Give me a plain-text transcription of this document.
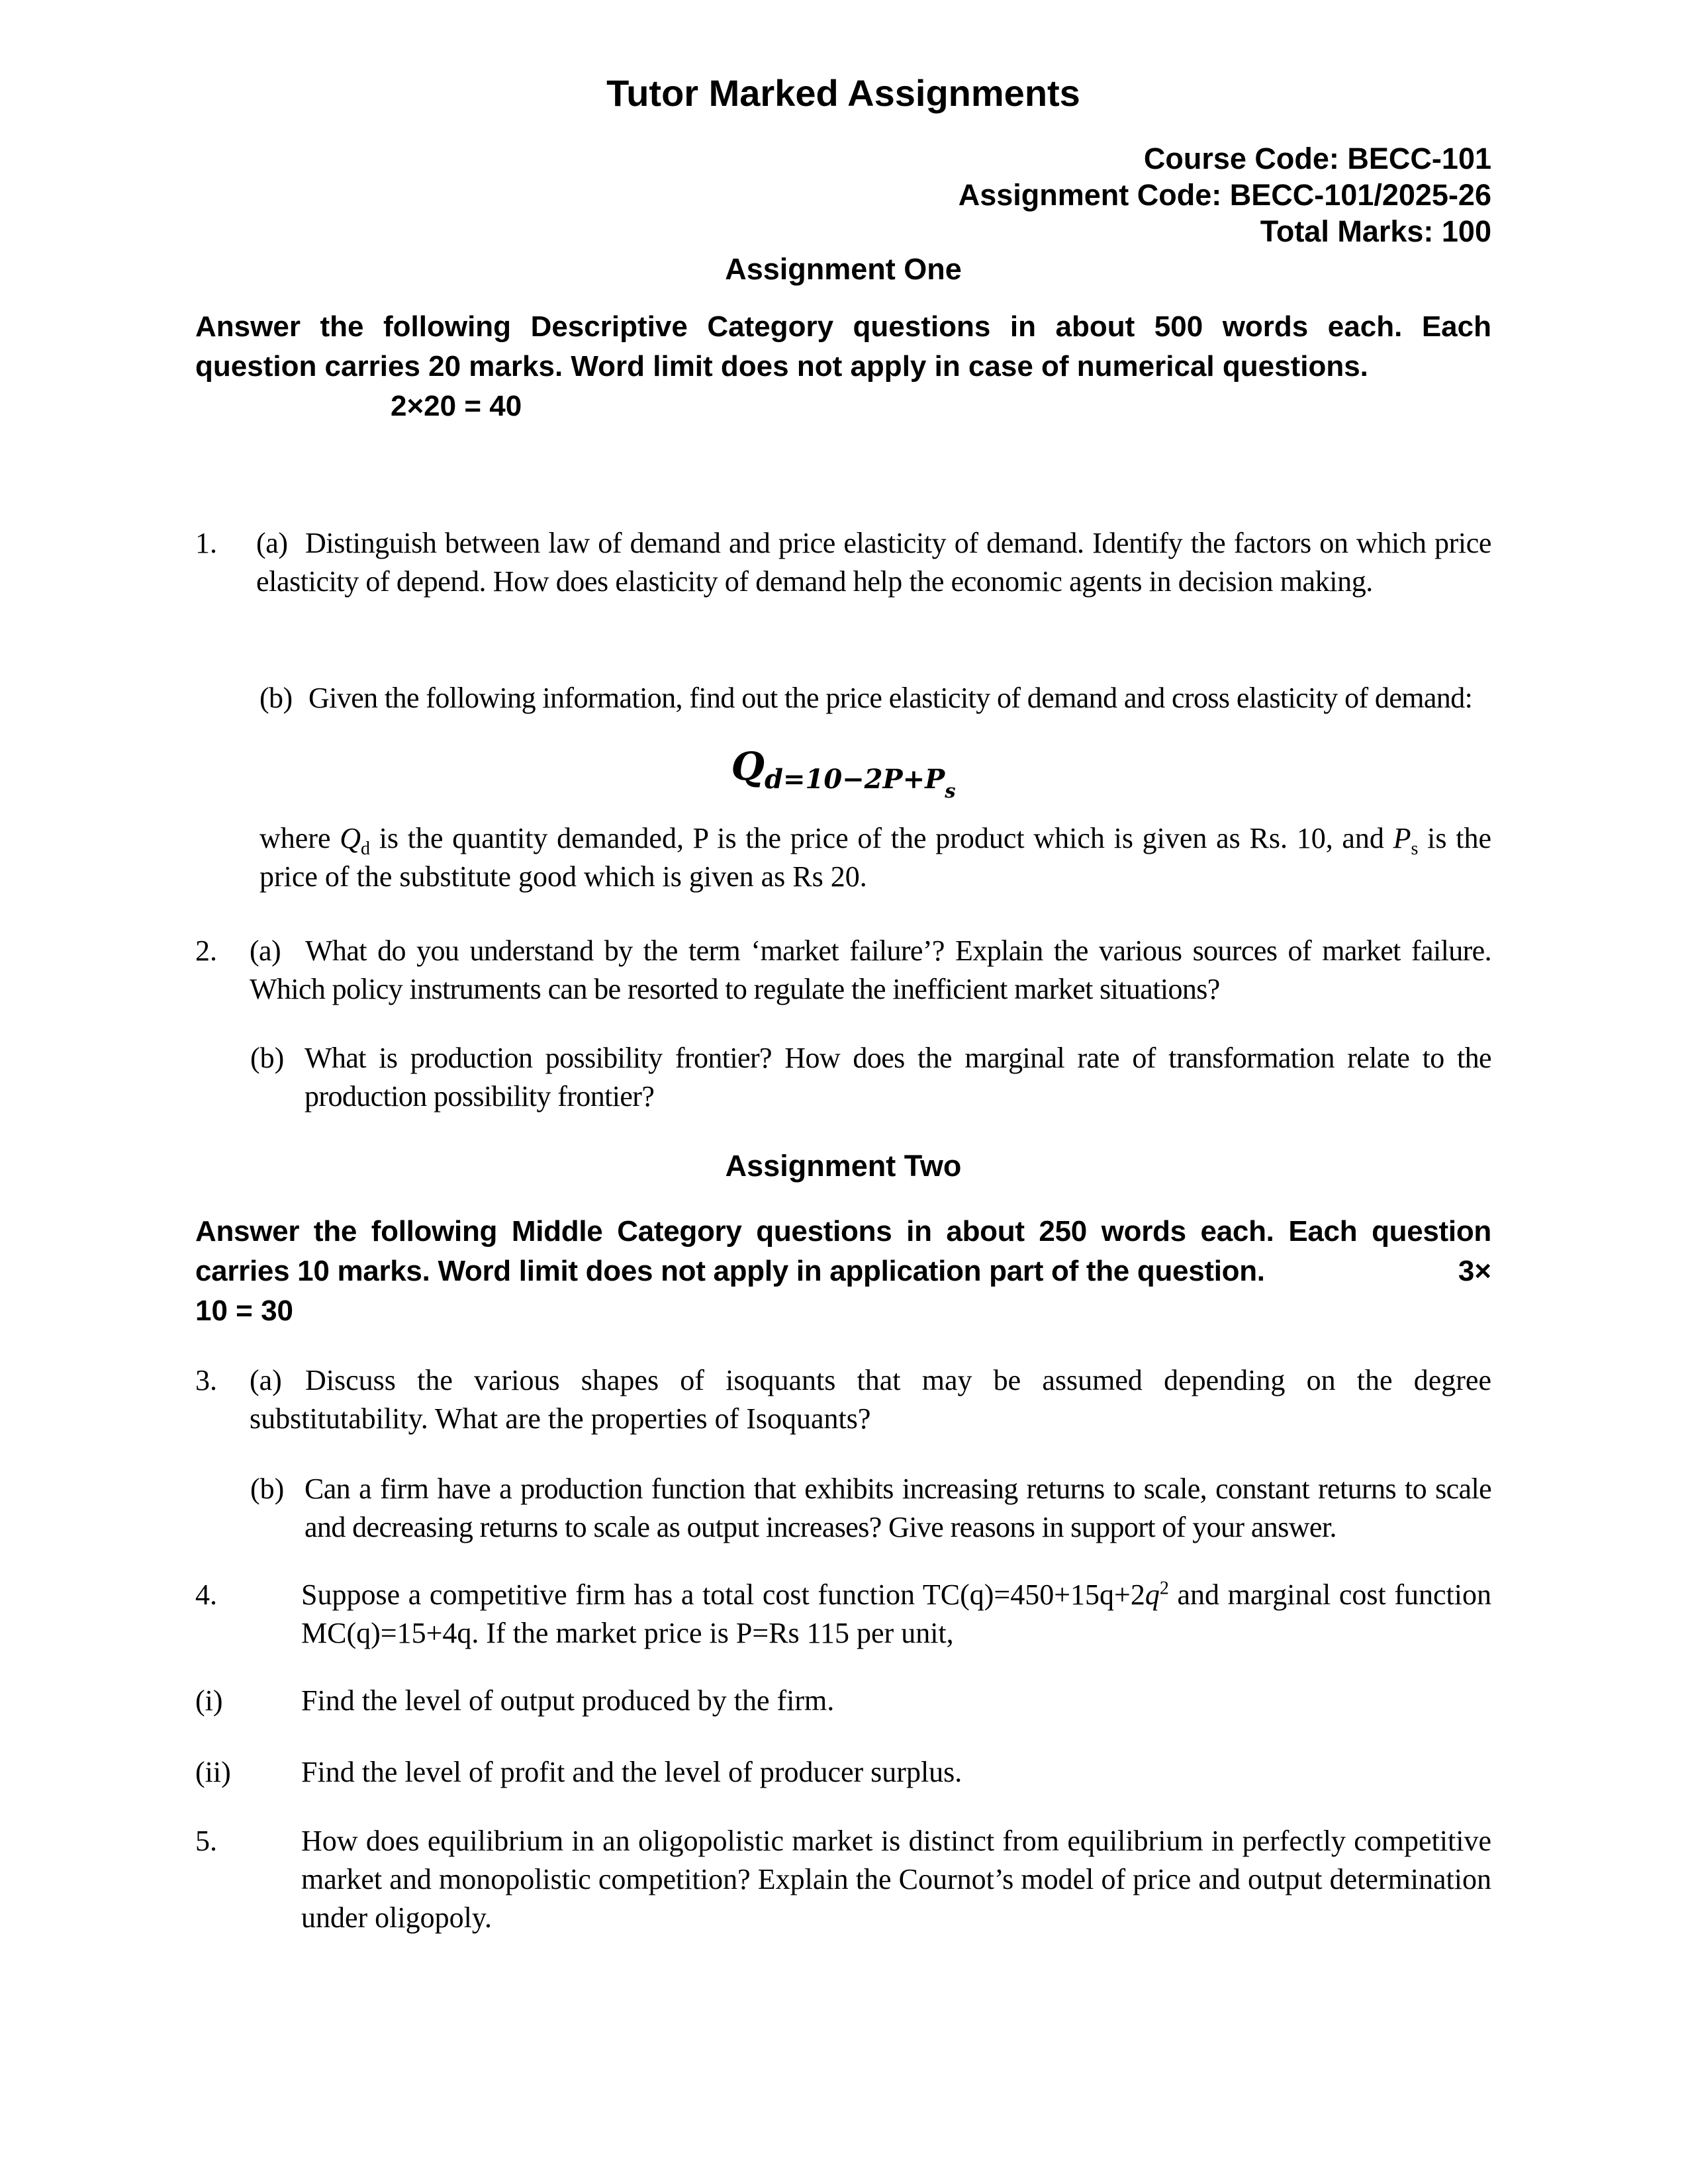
Tutor Marked Assignments
Course Code: BECC-101
Assignment Code: BECC-101/2025-26
Total Marks: 100
Assignment One

Answer the following Descriptive Category questions in about 500 words each. Each question carries 20 marks. Word limit does not apply in case of numerical questions.

2×20 = 40
1.	(a) Distinguish between law of demand and price elasticity of demand. Identify the factors on which price elasticity of depend. How does elasticity of demand help the economic agents in decision making.
(b) Given the following information, find out the price elasticity of demand and cross elasticity of demand:
Qd=10−2P+Ps

where $Q_d$ is the quantity demanded, P is the price of the product which is given as Rs. 10, and $P_s$ is the price of the substitute good which is given as Rs 20.

2.	(a) What do you understand by the term ‘market failure’? Explain the various sources of market failure. Which policy instruments can be resorted to regulate the inefficient market situations?
(b) What is production possibility frontier? How does the marginal rate of transformation relate to the production possibility frontier?
Assignment Two

Answer the following Middle Category questions in about 250 words each. Each question carries 10 marks. Word limit does not apply in application part of the question.	3×

10 = 30
3.	(a) Discuss the various shapes of isoquants that may be assumed depending on the degree substitutability. What are the properties of Isoquants?
(b) Can a firm have a production function that exhibits increasing returns to scale, constant returns to scale and decreasing returns to scale as output increases? Give reasons in support of your answer.
4.	Suppose a competitive firm has a total cost function $TC(q)=450+15q+2q^2$ and marginal cost function MC(q)=15+4q. If the market price is P=Rs 115 per unit,
(i)	Find the level of output produced by the firm.
(ii)	Find the level of profit and the level of producer surplus.
5.	How does equilibrium in an oligopolistic market is distinct from equilibrium in perfectly competitive market and monopolistic competition? Explain the Cournot’s model of price and output determination under oligopoly.
